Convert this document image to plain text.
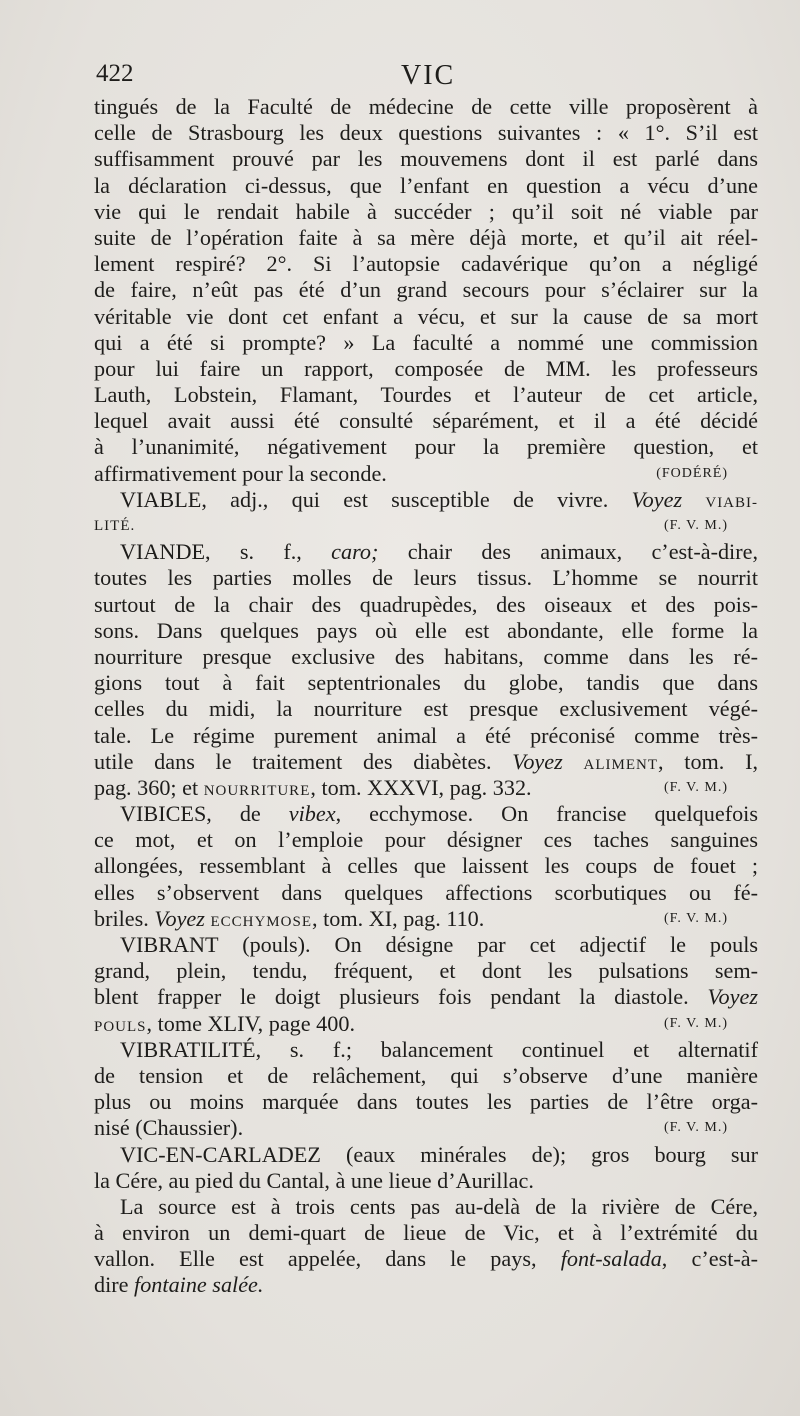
422	VIC
tingués de la Faculté de médecine de cette ville proposèrent à
celle de Strasbourg les deux questions suivantes : « 1°. S’il est
suffisamment prouvé par les mouvemens dont il est parlé dans
la déclaration ci-dessus, que l’enfant en question a vécu d’une
vie qui le rendait habile à succéder ; qu’il soit né viable par
suite de l’opération faite à sa mère déjà morte, et qu’il ait réel-
lement respiré? 2°. Si l’autopsie cadavérique qu’on a négligé
de faire, n’eût pas été d’un grand secours pour s’éclairer sur la
véritable vie dont cet enfant a vécu, et sur la cause de sa mort
qui a été si prompte? » La faculté a nommé une commission
pour lui faire un rapport, composée de MM. les professeurs
Lauth, Lobstein, Flamant, Tourdes et l’auteur de cet article,
lequel avait aussi été consulté séparément, et il a été décidé
à l’unanimité, négativement pour la première question, et
affirmativement pour la seconde.	(FODÉRÉ)
VIABLE, adj., qui est susceptible de vivre. Voyez VIABI-
LITÉ.	(F. V. M.)
VIANDE, s. f., caro; chair des animaux, c’est-à-dire,
toutes les parties molles de leurs tissus. L’homme se nourrit
surtout de la chair des quadrupèdes, des oiseaux et des pois-
sons. Dans quelques pays où elle est abondante, elle forme la
nourriture presque exclusive des habitans, comme dans les ré-
gions tout à fait septentrionales du globe, tandis que dans
celles du midi, la nourriture est presque exclusivement végé-
tale. Le régime purement animal a été préconisé comme très-
utile dans le traitement des diabètes. Voyez ALIMENT, tom. I,
pag. 360; et NOURRITURE, tom. XXXVI, pag. 332.	(F. V. M.)
VIBICES, de vibex, ecchymose. On francise quelquefois
ce mot, et on l’emploie pour désigner ces taches sanguines
allongées, ressemblant à celles que laissent les coups de fouet ;
elles s’observent dans quelques affections scorbutiques ou fé-
briles. Voyez ECCHYMOSE, tom. XI, pag. 110.	(F. V. M.)
VIBRANT (pouls). On désigne par cet adjectif le pouls
grand, plein, tendu, fréquent, et dont les pulsations sem-
blent frapper le doigt plusieurs fois pendant la diastole. Voyez
POULS, tome XLIV, page 400.	(F. V. M.)
VIBRATILITÉ, s. f.; balancement continuel et alternatif
de tension et de relâchement, qui s’observe d’une manière
plus ou moins marquée dans toutes les parties de l’être orga-
nisé (Chaussier).	(F. V. M.)
VIC-EN-CARLADEZ (eaux minérales de); gros bourg sur
la Cére, au pied du Cantal, à une lieue d’Aurillac.
La source est à trois cents pas au-delà de la rivière de Cére,
à environ un demi-quart de lieue de Vic, et à l’extrémité du
vallon. Elle est appelée, dans le pays, font-salada, c’est-à-
dire fontaine salée.
